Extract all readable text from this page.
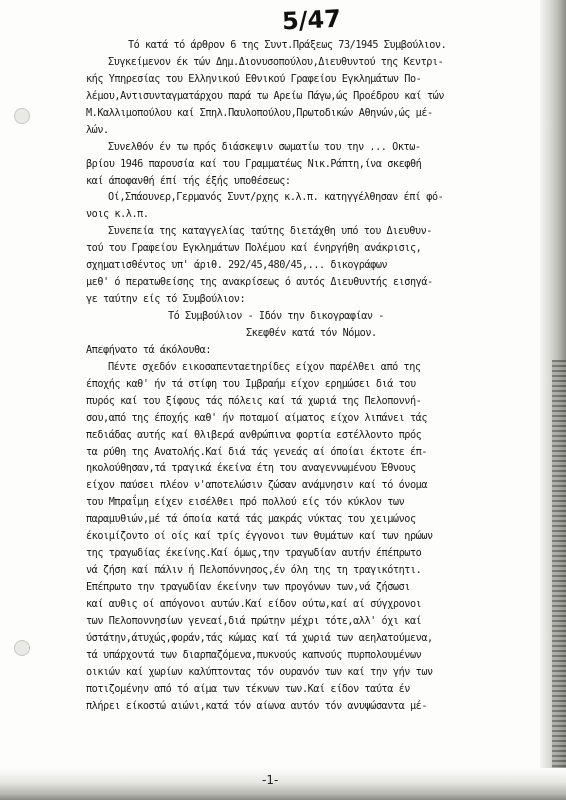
5/47
Τό κατά τό άρθρον 6 της Συντ.Πράξεως 73/1945 Συμβούλιον.
Συγκείμενον έκ τών Δημ.Διονυσοπούλου,Διευθυντού της Κεντρι-
κής Υπηρεσίας του Ελληνικού Εθνικού Γραφείου Εγκλημάτων Πο-
λέμου,Αντισυνταγματάρχου παρά τω Αρείω Πάγω,ώς Προέδρου καί τών
Μ.Καλλιμοπούλου καί Σπηλ.Παυλοπούλου,Πρωτοδικών Αθηνών,ώς μέ-
λών.
Συνελθόν έν τω πρός διάσκεψιν σωματίω του την ... Οκτω-
βρίου 1946 παρουσία καί του Γραμματέως Νικ.Ράπτη,ίνα σκεφθή
καί άποφανθή έπί τής έξής υποθέσεως:
Οί,Σπάουνερ,Γερμανός Συντ/ρχης κ.λ.π. κατηγγέλθησαν έπί φό-
νοις κ.λ.π.
Συνεπεία της καταγγελίας ταύτης διετάχθη υπό του Διευθυν-
τού του Γραφείου Εγκλημάτων Πολέμου καί ένηργήθη ανάκρισις,
σχηματισθέντος υπ' άριθ. 292/45,480/45,... δικογράφων
μεθ' ό περατωθείσης της ανακρίσεως ό αυτός Διευθυντής εισηγά-
γε ταύτην είς τό Συμβούλιον:
Τό Συμβούλιον - Ιδόν την δικογραφίαν -
Σκεφθέν κατά τόν Νόμον.
Απεφήνατο τά άκόλουθα:
Πέντε σχεδόν εικοσαπενταετηρίδες είχον παρέλθει από της
έποχής καθ' ήν τά στίφη του Ιμβραήμ είχον ερημώσει διά του
πυρός καί του ξίφους τάς πόλεις καί τά χωριά της Πελοποννή-
σου,από της έποχής καθ' ήν ποταμοί αίματος είχον λιπάνει τάς
πεδιάδας αυτής καί θλιβερά ανθρώπινα φορτία εστέλλοντο πρός
τα ρύθη της Ανατολής.Καί διά τάς γενεάς αί όποίαι έκτοτε έπ-
ηκολούθησαν,τά τραγικά έκείνα έτη του αναγεννωμένου Έθνους
είχον παύσει πλέον ν'αποτελώσιν ζώσαν ανάμνησιν καί τό όνομα
του Μπραΐμη είχεν εισέλθει πρό πολλού είς τόν κύκλον των
παραμυθιών,μέ τά όποία κατά τάς μακράς νύκτας του χειμώνος
έκοιμίζοντο οί οίς καί τρίς έγγονοι των θυμάτων καί των ηρώων
της τραγωδίας έκείνης.Καί όμως,την τραγωδίαν αυτήν έπέπρωτο
νά ζήση καί πάλιν ή Πελοπόννησος,έν όλη της τη τραγικότητι.
Επέπρωτο την τραγωδίαν έκείνην των προγόνων των,νά ζήσωσι
καί αυθις οί απόγονοι αυτών.Καί είδον ούτω,καί αί σύγχρονοι
των Πελοποννησίων γενεαί,διά πρώτην μέχρι τότε,αλλ' όχι καί
ύστάτην,άτυχώς,φοράν,τάς κώμας καί τά χωριά των αεηλατούμενα,
τά υπάρχοντά των διαρπαζόμενα,πυκνούς καπνούς πυρπολουμένων
οικιών καί χωρίων καλύπτοντας τόν ουρανόν των καί την γήν των
ποτιζομένην από τό αίμα των τέκνων των.Καί είδον ταύτα έν
πλήρει είκοστώ αιώνι,κατά τόν αίωνα αυτόν τόν ανυψώσαντα μέ-
-1-
